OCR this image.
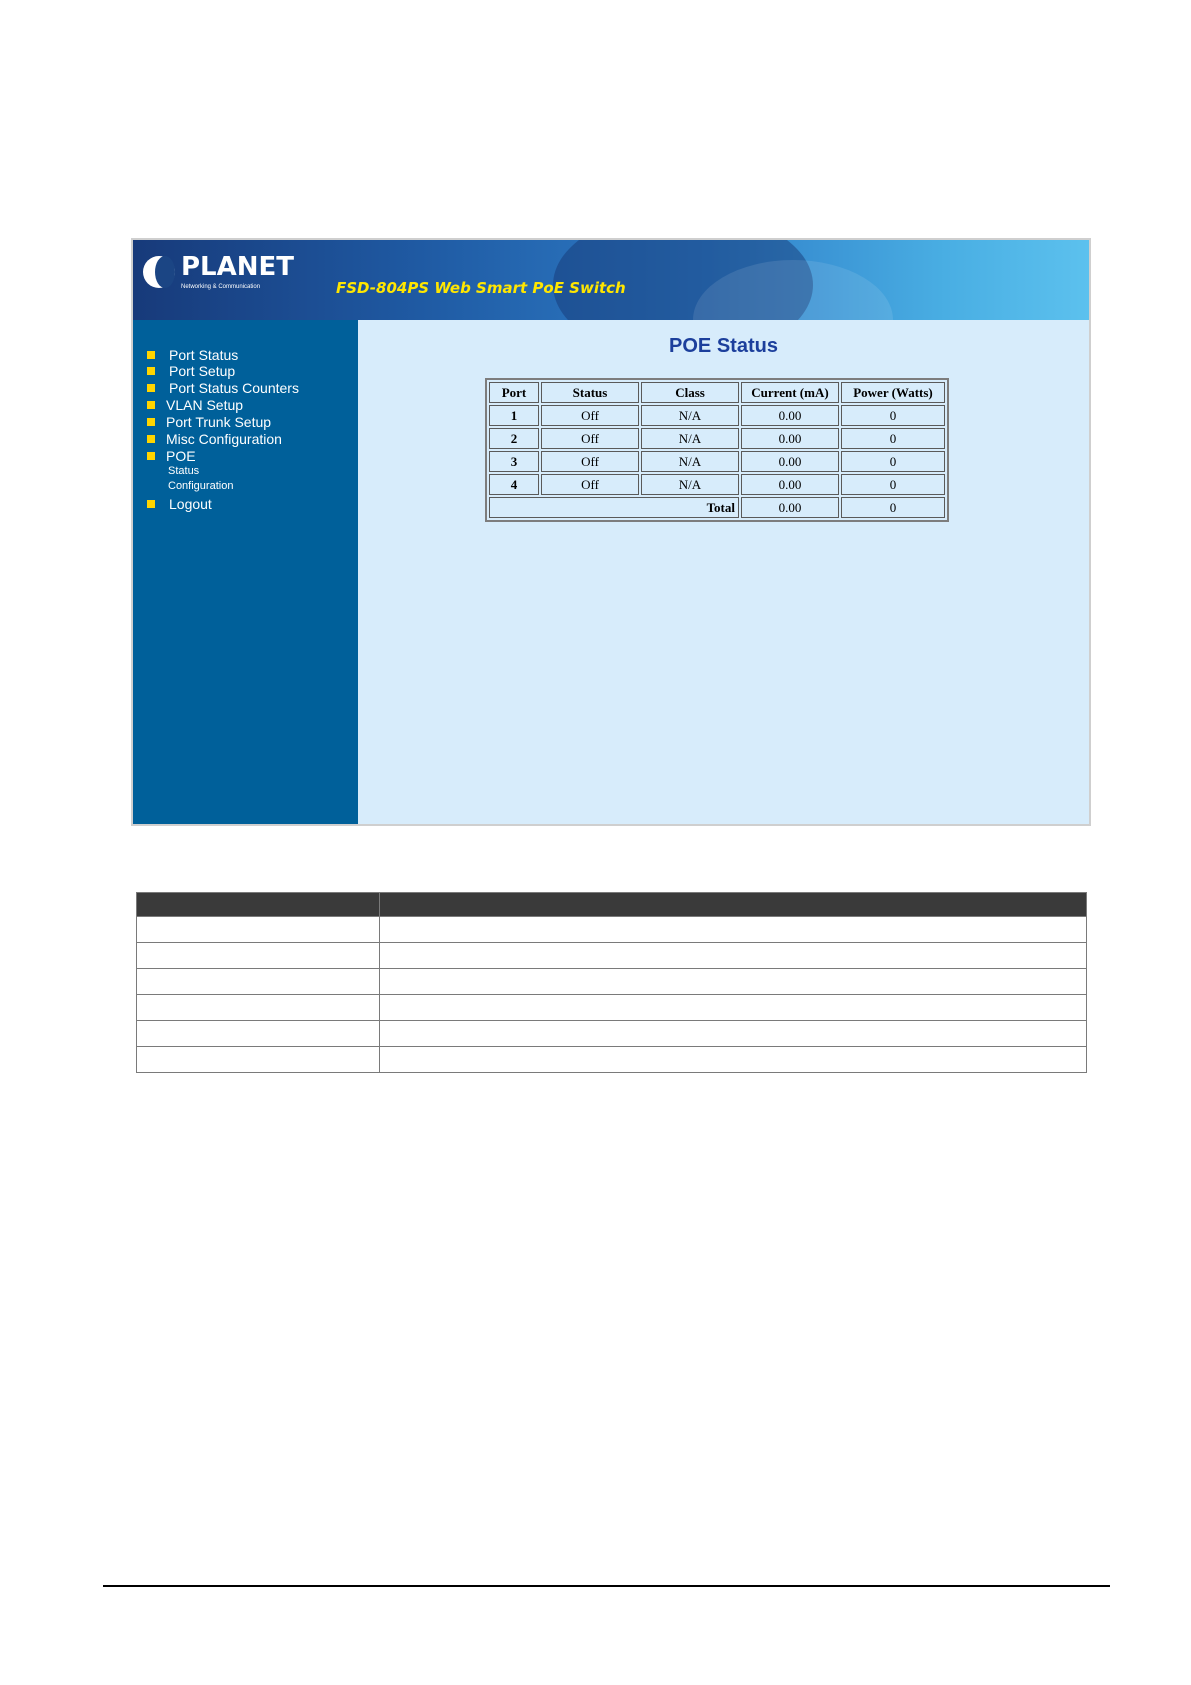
PLANET
Networking & Communication	FSD-804PS Web Smart PoE Switch
Port Status
Port Setup
Port Status Counters
VLAN Setup
Port Trunk Setup
Misc Configuration
POE
Status
Configuration
Logout
POE Status
Port	Status	Class	Current (mA)	Power (Watts)
1	Off	N/A	0.00	0
2	Off	N/A	0.00	0
3	Off	N/A	0.00	0
4	Off	N/A	0.00	0
Total			0.00	0
